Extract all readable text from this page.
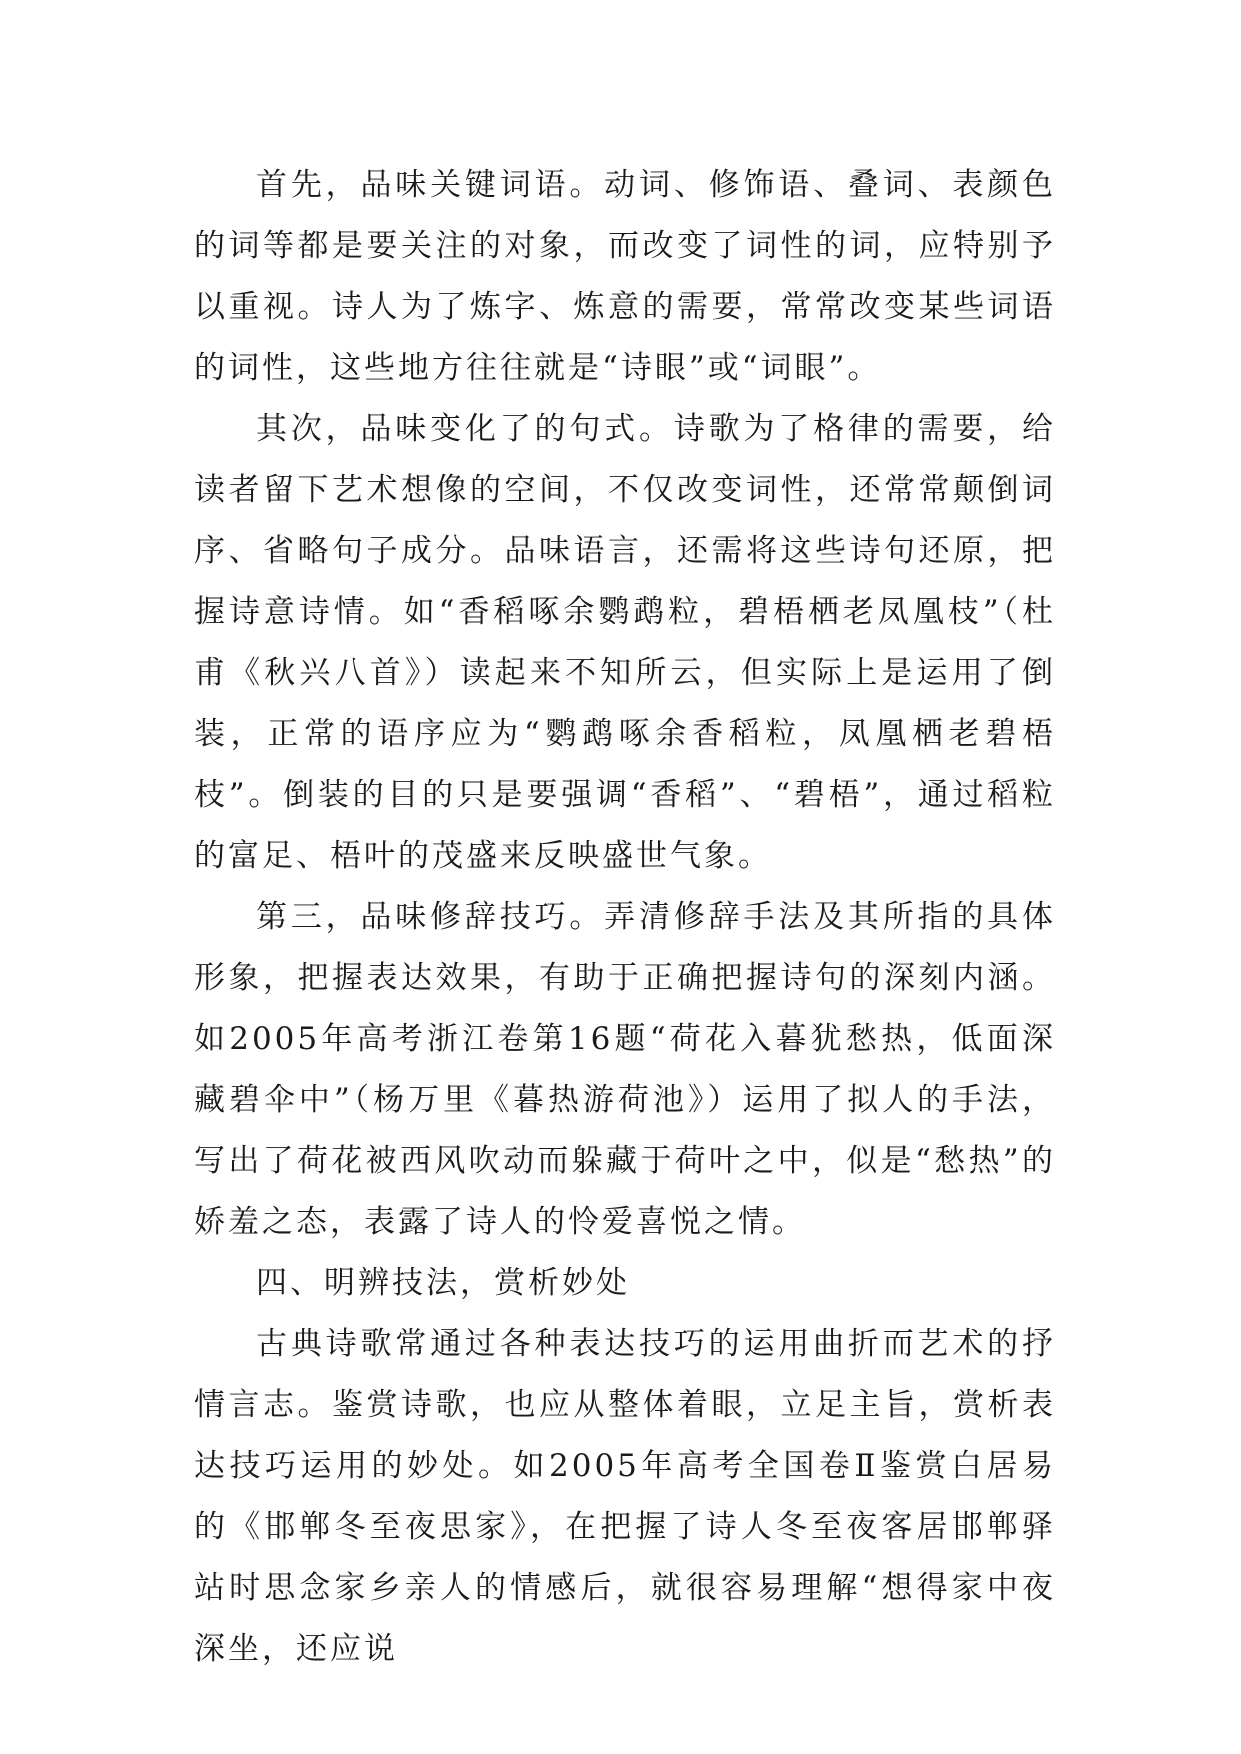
首先，品味关键词语。动词、修饰语、叠词、表颜色的词等都是要关注的对象，而改变了词性的词，应特别予以重视。诗人为了炼字、炼意的需要，常常改变某些词语的词性，这些地方往往就是“诗眼”或“词眼”。

其次，品味变化了的句式。诗歌为了格律的需要，给读者留下艺术想像的空间，不仅改变词性，还常常颠倒词序、省略句子成分。品味语言，还需将这些诗句还原，把握诗意诗情。如“香稻啄余鹦鹉粒，碧梧栖老凤凰枝”（杜甫《秋兴八首》）读起来不知所云，但实际上是运用了倒装，正常的语序应为“鹦鹉啄余香稻粒，凤凰栖老碧梧枝”。倒装的目的只是要强调“香稻”、“碧梧”，通过稻粒的富足、梧叶的茂盛来反映盛世气象。

第三，品味修辞技巧。弄清修辞手法及其所指的具体形象，把握表达效果，有助于正确把握诗句的深刻内涵。如2005年高考浙江卷第16题“荷花入暮犹愁热，低面深藏碧伞中”（杨万里《暮热游荷池》）运用了拟人的手法，写出了荷花被西风吹动而躲藏于荷叶之中，似是“愁热”的娇羞之态，表露了诗人的怜爱喜悦之情。

四、明辨技法，赏析妙处

古典诗歌常通过各种表达技巧的运用曲折而艺术的抒情言志。鉴赏诗歌，也应从整体着眼，立足主旨，赏析表达技巧运用的妙处。如2005年高考全国卷Ⅱ鉴赏白居易的《邯郸冬至夜思家》，在把握了诗人冬至夜客居邯郸驿站时思念家乡亲人的情感后，就很容易理解“想得家中夜深坐，还应说
